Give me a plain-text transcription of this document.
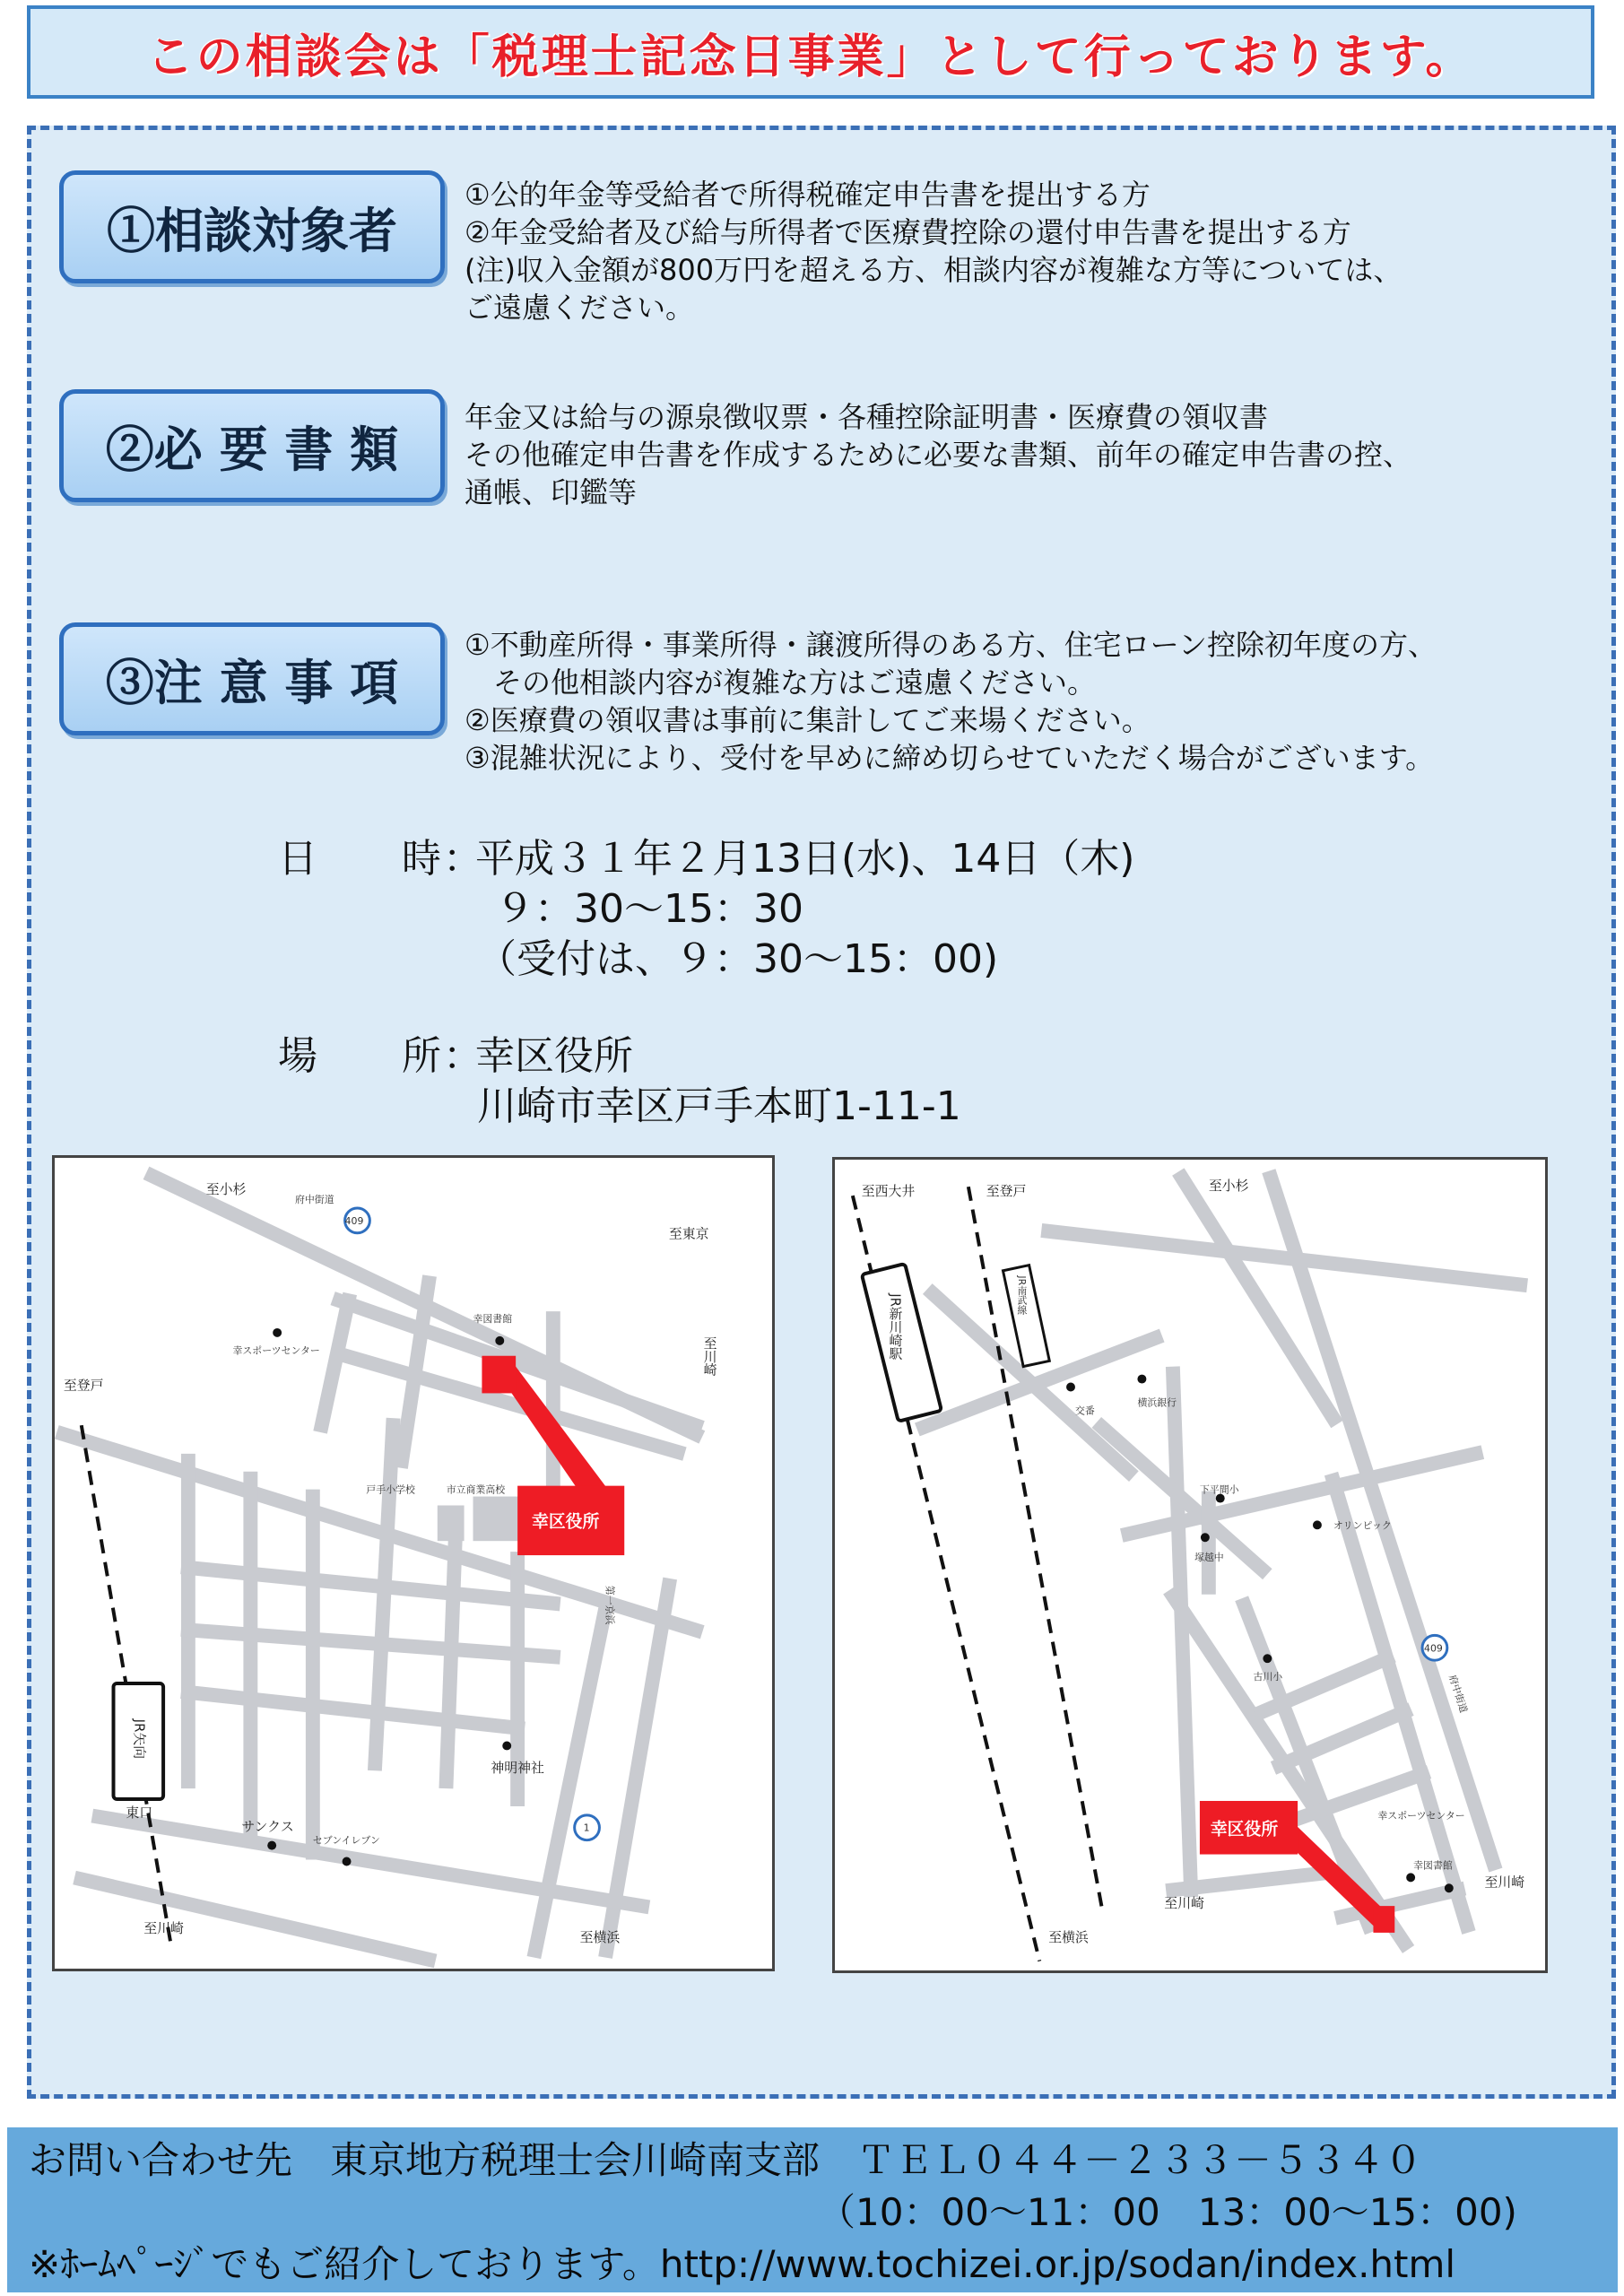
この相談会は「税理士記念日事業」として行っております。
①相談対象者
①公的年金等受給者で所得税確定申告書を提出する方
②年金受給者及び給与所得者で医療費控除の還付申告書を提出する方
(注)収入金額が800万円を超える方、相談内容が複雑な方等については、
ご遠慮ください。
②必 要 書 類
年金又は給与の源泉徴収票・各種控除証明書・医療費の領収書
その他確定申告書を作成するために必要な書類、前年の確定申告書の控、
通帳、印鑑等
③注 意 事 項
①不動産所得・事業所得・譲渡所得のある方、住宅ローン控除初年度の方、
　その他相談内容が複雑な方はご遠慮ください。
②医療費の領収書は事前に集計してご来場ください。
③混雑状況により、受付を早めに締め切らせていただく場合がございます。
日　　時：
平成３１年２月13日(水)、14日（木)
９：30～15：30
（受付は、９：30～15：00)
場　　所：
幸区役所
川崎市幸区戸手本町1-11-1
JR矢向
幸区役所
409
1
至小杉
府中街道
至東京
至川崎
至登戸
幸図書館
幸スポーツセンター
戸手小学校	市立商業高校
第一京浜
神明神社
東口
サンクス
セブンイレブン
至川崎
至横浜
JR新川崎駅	JR南武線
幸区役所
409
府中街道
至西大井	至登戸	至小杉
交番
横浜銀行
下平間小
塚越中
オリンピック
古川小
幸スポーツセンター
幸図書館
至川崎
至川崎
至横浜
お問い合わせ先　東京地方税理士会川崎南支部　ＴＥＬ０４４－２３３－５３４０
（10：00～11：00　13：00～15：00)
※ﾎｰﾑﾍﾟｰｼﾞでもご紹介しております。http://www.tochizei.or.jp/sodan/index.html
